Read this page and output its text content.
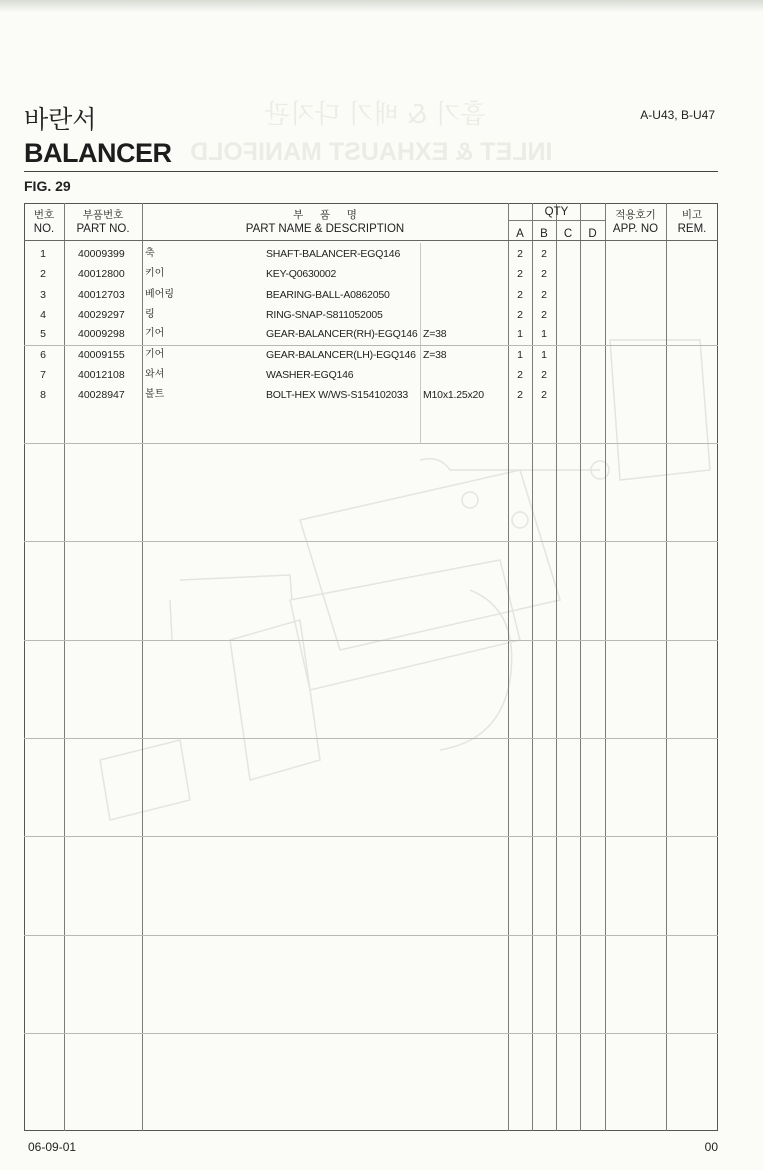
흡기 & 배기 다지관
INLET & EXHAUST MANIFOLD
바란서
BALANCER
A-U43, B-U47
FIG. 29
번호
NO.
부품번호
PART NO.
부     품     명
PART NAME & DESCRIPTION
QTY
A	B	C	D
적용호기
APP. NO
비고
REM.
1	40009399 축	SHAFT-BALANCER-EGQ146	2	2
2	40012800 키이	KEY-Q0630002	2	2
3	40012703 베어링	BEARING-BALL-A0862050	2	2
4	40029297 링	RING-SNAP-S811052005	2	2
5	40009298 기어	GEAR-BALANCER(RH)-EGQ146 Z=38	1	1
6	40009155 기어	GEAR-BALANCER(LH)-EGQ146 Z=38	1	1
7	40012108 와셔	WASHER-EGQ146	2	2
8	40028947 볼트	BOLT-HEX W/WS-S154102033 M10x1.25x20	2	2
06-09-01	00
